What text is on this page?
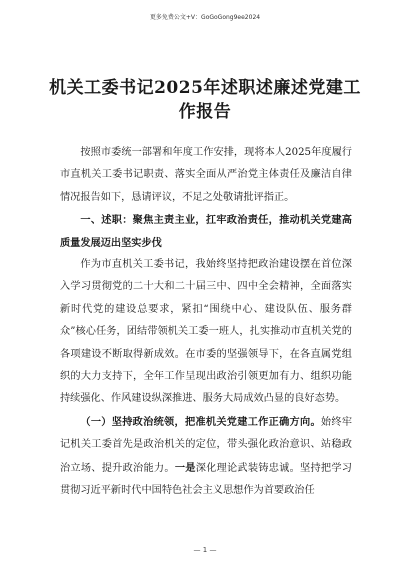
更多免费公文+V：GoGoGong9ee2024
机关工委书记2025年述职述廉述党建工
作报告

按照市委统一部署和年度工作安排，现将本人2025年度履行市直机关工委书记职责、落实全面从严治党主体责任及廉洁自律情况报告如下，恳请评议，不足之处敬请批评指正。

一、述职：聚焦主责主业，扛牢政治责任，推动机关党建高质量发展迈出坚实步伐

作为市直机关工委书记，我始终坚持把政治建设摆在首位深入学习贯彻党的二十大和二十届三中、四中全会精神，全面落实新时代党的建设总要求，紧扣“围绕中心、建设队伍、服务群众”核心任务，团结带领机关工委一班人，扎实推动市直机关党的各项建设不断取得新成效。在市委的坚强领导下，在各直属党组织的大力支持下，全年工作呈现出政治引领更加有力、组织功能持续强化、作风建设纵深推进、服务大局成效凸显的良好态势。

（一）坚持政治统领，把准机关党建工作正确方向。始终牢记机关工委首先是政治机关的定位，带头强化政治意识、站稳政治立场、提升政治能力。一是深化理论武装铸忠诚。坚持把学习贯彻习近平新时代中国特色社会主义思想作为首要政治任

— 1 —
